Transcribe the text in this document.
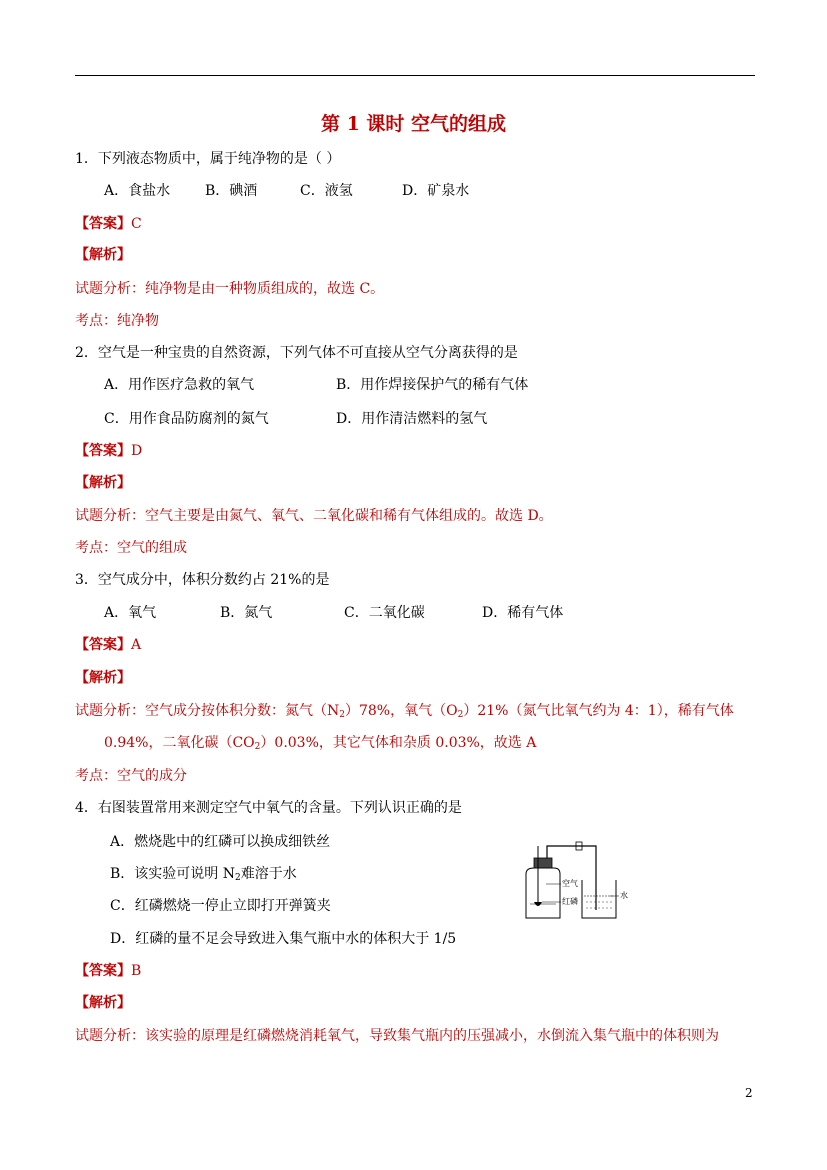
第 1 课时 空气的组成
1．下列液态物质中，属于纯净物的是（ ）
A．食盐水 B．碘酒	C．液氢	D．矿泉水
【答案】C
【解析】
试题分析：纯净物是由一种物质组成的，故选 C。
考点：纯净物
2．空气是一种宝贵的自然资源，下列气体不可直接从空气分离获得的是
A．用作医疗急救的氧气	B．用作焊接保护气的稀有气体
C．用作食品防腐剂的氮气	D．用作清洁燃料的氢气
【答案】D
【解析】
试题分析：空气主要是由氮气、氧气、二氧化碳和稀有气体组成的。故选 D。
考点：空气的组成
3．空气成分中，体积分数约占 21%的是
A．氧气	B．氮气	C．二氧化碳	D．稀有气体
【答案】A
【解析】
试题分析：空气成分按体积分数：氮气$(N_2)78\%$，氧气$(O_2)21\%$（氮气比氧气约为 4：1），稀有气体
0.94%，二氧化碳$(CO_2)0.03\%$，其它气体和杂质 0.03%，故选 A
考点：空气的成分
4．右图装置常用来测定空气中氧气的含量。下列认识正确的是
A．燃烧匙中的红磷可以换成细铁丝
B．该实验可说明 $N_2$难溶于水
C．红磷燃烧一停止立即打开弹簧夹
D．红磷的量不足会导致进入集气瓶中水的体积大于 1/5
空气
红磷
水
【答案】B
【解析】
试题分析：该实验的原理是红磷燃烧消耗氧气，导致集气瓶内的压强减小，水倒流入集气瓶中的体积则为
2
